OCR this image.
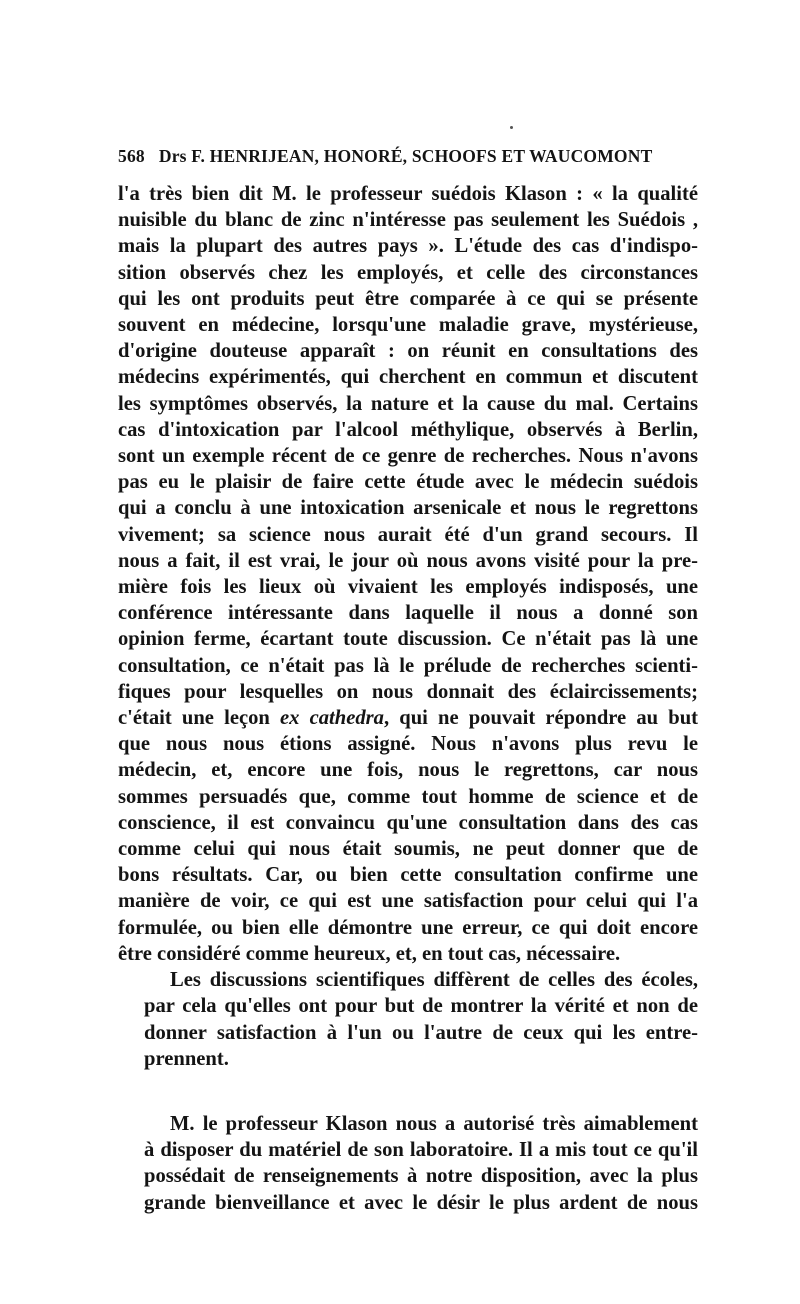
568 Drs F. HENRIJEAN, HONORÉ, SCHOOFS ET WAUCOMONT

l'a très bien dit M. le professeur suédois Klason : « la qualité
nuisible du blanc de zinc n'intéresse pas seulement les Suédois ,
mais la plupart des autres pays ». L'étude des cas d'indispo-
sition observés chez les employés, et celle des circonstances
qui les ont produits peut être comparée à ce qui se présente
souvent en médecine, lorsqu'une maladie grave, mystérieuse,
d'origine douteuse apparaît : on réunit en consultations des
médecins expérimentés, qui cherchent en commun et discutent
les symptômes observés, la nature et la cause du mal. Certains
cas d'intoxication par l'alcool méthylique, observés à Berlin,
sont un exemple récent de ce genre de recherches. Nous n'avons
pas eu le plaisir de faire cette étude avec le médecin suédois
qui a conclu à une intoxication arsenicale et nous le regrettons
vivement; sa science nous aurait été d'un grand secours. Il
nous a fait, il est vrai, le jour où nous avons visité pour la pre-
mière fois les lieux où vivaient les employés indisposés, une
conférence intéressante dans laquelle il nous a donné son
opinion ferme, écartant toute discussion. Ce n'était pas là une
consultation, ce n'était pas là le prélude de recherches scienti-
fiques pour lesquelles on nous donnait des éclaircissements;
c'était une leçon ex cathedra, qui ne pouvait répondre au but
que nous nous étions assigné. Nous n'avons plus revu le
médecin, et, encore une fois, nous le regrettons, car nous
sommes persuadés que, comme tout homme de science et de
conscience, il est convaincu qu'une consultation dans des cas
comme celui qui nous était soumis, ne peut donner que de
bons résultats. Car, ou bien cette consultation confirme une
manière de voir, ce qui est une satisfaction pour celui qui l'a
formulée, ou bien elle démontre une erreur, ce qui doit encore
être considéré comme heureux, et, en tout cas, nécessaire.

Les discussions scientifiques diffèrent de celles des écoles,
par cela qu'elles ont pour but de montrer la vérité et non de
donner satisfaction à l'un ou l'autre de ceux qui les entre-
prennent.

M. le professeur Klason nous a autorisé très aimablement
à disposer du matériel de son laboratoire. Il a mis tout ce qu'il
possédait de renseignements à notre disposition, avec la plus
grande bienveillance et avec le désir le plus ardent de nous
